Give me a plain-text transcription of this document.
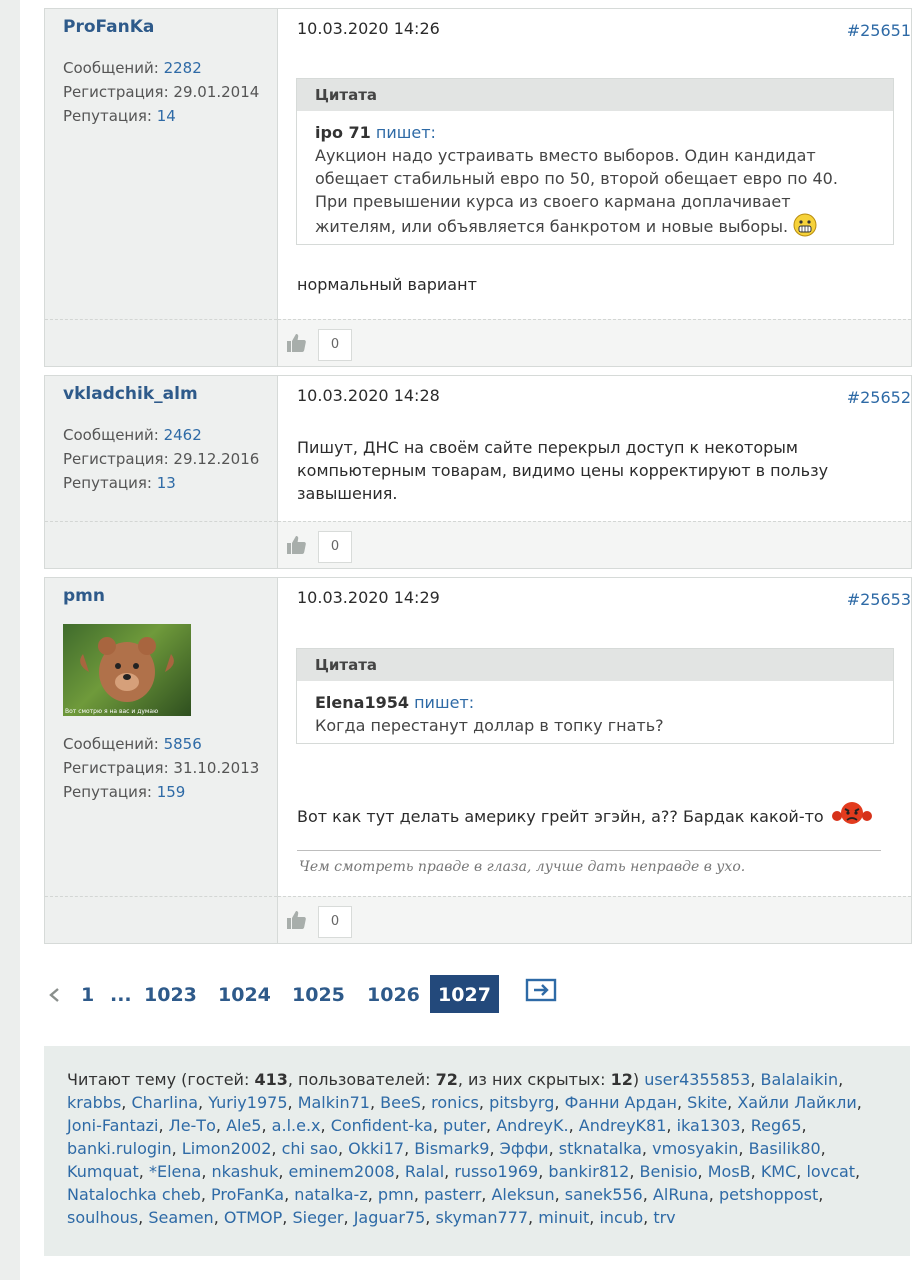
ProFanKa
Сообщений: 2282
Регистрация: 29.01.2014
Репутация: 14
10.03.2020 14:26	#25651
Цитата
ipo 71 пишет:
Аукцион надо устраивать вместо выборов. Один кандидат обещает стабильный евро по 50, второй обещает евро по 40. При превышении курса из своего кармана доплачивает жителям, или объявляется банкротом и новые выборы.
нормальный вариант
0
vkladchik_alm
Сообщений: 2462
Регистрация: 29.12.2016
Репутация: 13
10.03.2020 14:28	#25652
Пишут, ДНС на своём сайте перекрыл доступ к некоторым компьютерным товарам, видимо цены корректируют в пользу завышения.
0
pmn
Вот смотрю я на вас и думаю
Сообщений: 5856
Регистрация: 31.10.2013
Репутация: 159
10.03.2020 14:29	#25653
Цитата
Elena1954 пишет:
Когда перестанут доллар в топку гнать?
Вот как тут делать америку грейт эгэйн, а?? Бардак какой-то
Чем смотреть правде в глаза, лучше дать неправде в ухо.
0
1 ... 1023 1024 1025 1026 1027
Читают тему (гостей: 413, пользователей: 72, из них скрытых: 12) user4355853, Balalaikin, krabbs, Charlina, Yuriy1975, Malkin71, BeeS, ronics, pitsbyrg, Фанни Ардан, Skite, Хайли Лайкли, Joni-Fantazi, Ле-То, Ale5, a.l.e.x, Confident-ka, puter, AndreyK., AndreyK81, ika1303, Reg65, banki.rulogin, Limon2002, chi sao, Okki17, Bismark9, Эффи, stknatalka, vmosyakin, Basilik80, Kumquat, *Elena, nkashuk, eminem2008, Ralal, russo1969, bankir812, Benisio, MosB, KMC, lovcat, Natalochka cheb, ProFanKa, natalka-z, pmn, pasterr, Aleksun, sanek556, AlRuna, petshoppost, soulhous, Seamen, OTMOP, Sieger, Jaguar75, skyman777, minuit, incub, trv
